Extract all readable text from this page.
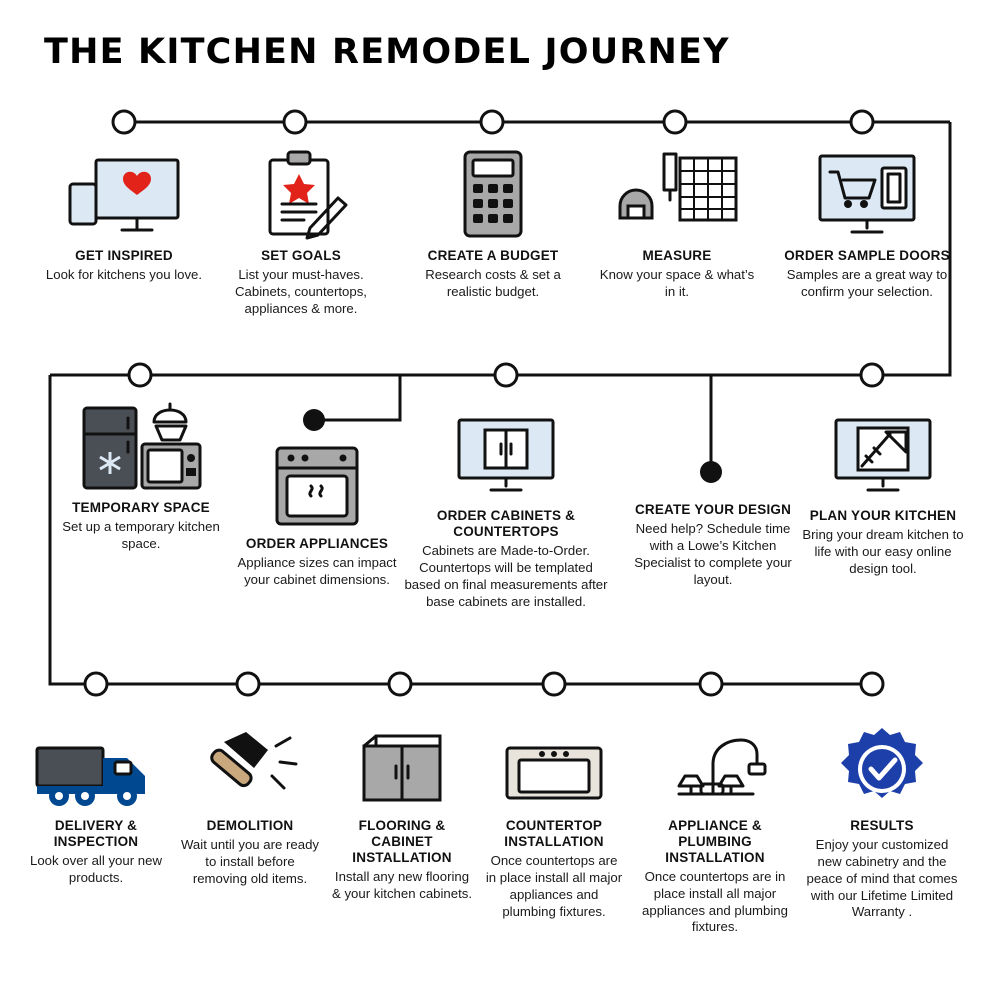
THE KITCHEN REMODEL JOURNEY
GET INSPIRED
Look for kitchens you love.
SET GOALS
List your must-haves. Cabinets, countertops, appliances & more.
CREATE A BUDGET
Research costs & set a realistic budget.
MEASURE
Know your space & what’s in it.
ORDER SAMPLE DOORS
Samples are a great way to confirm your selection.
TEMPORARY SPACE
Set up a temporary kitchen space.	ORDER APPLIANCES
Appliance sizes can impact your cabinet dimensions.
ORDER CABINETS & COUNTERTOPS
Cabinets are Made-to-Order. Countertops will be templated based on final measurements after base cabinets are installed.
CREATE YOUR DESIGN
Need help? Schedule time with a Lowe’s Kitchen Specialist to complete your layout.
PLAN YOUR KITCHEN
Bring your dream kitchen to life with our easy online design tool.
DELIVERY & INSPECTION
Look over all your new products.
DEMOLITION
Wait until you are ready to install before removing old items.
FLOORING & CABINET INSTALLATION
Install any new flooring & your kitchen cabinets.
COUNTERTOP INSTALLATION
Once countertops are in place install all major appliances and plumbing fixtures.
APPLIANCE & PLUMBING INSTALLATION
Once countertops are in place install all major appliances and plumbing fixtures.
RESULTS
Enjoy your customized new cabinetry and the peace of mind that comes with our Lifetime Limited Warranty .
